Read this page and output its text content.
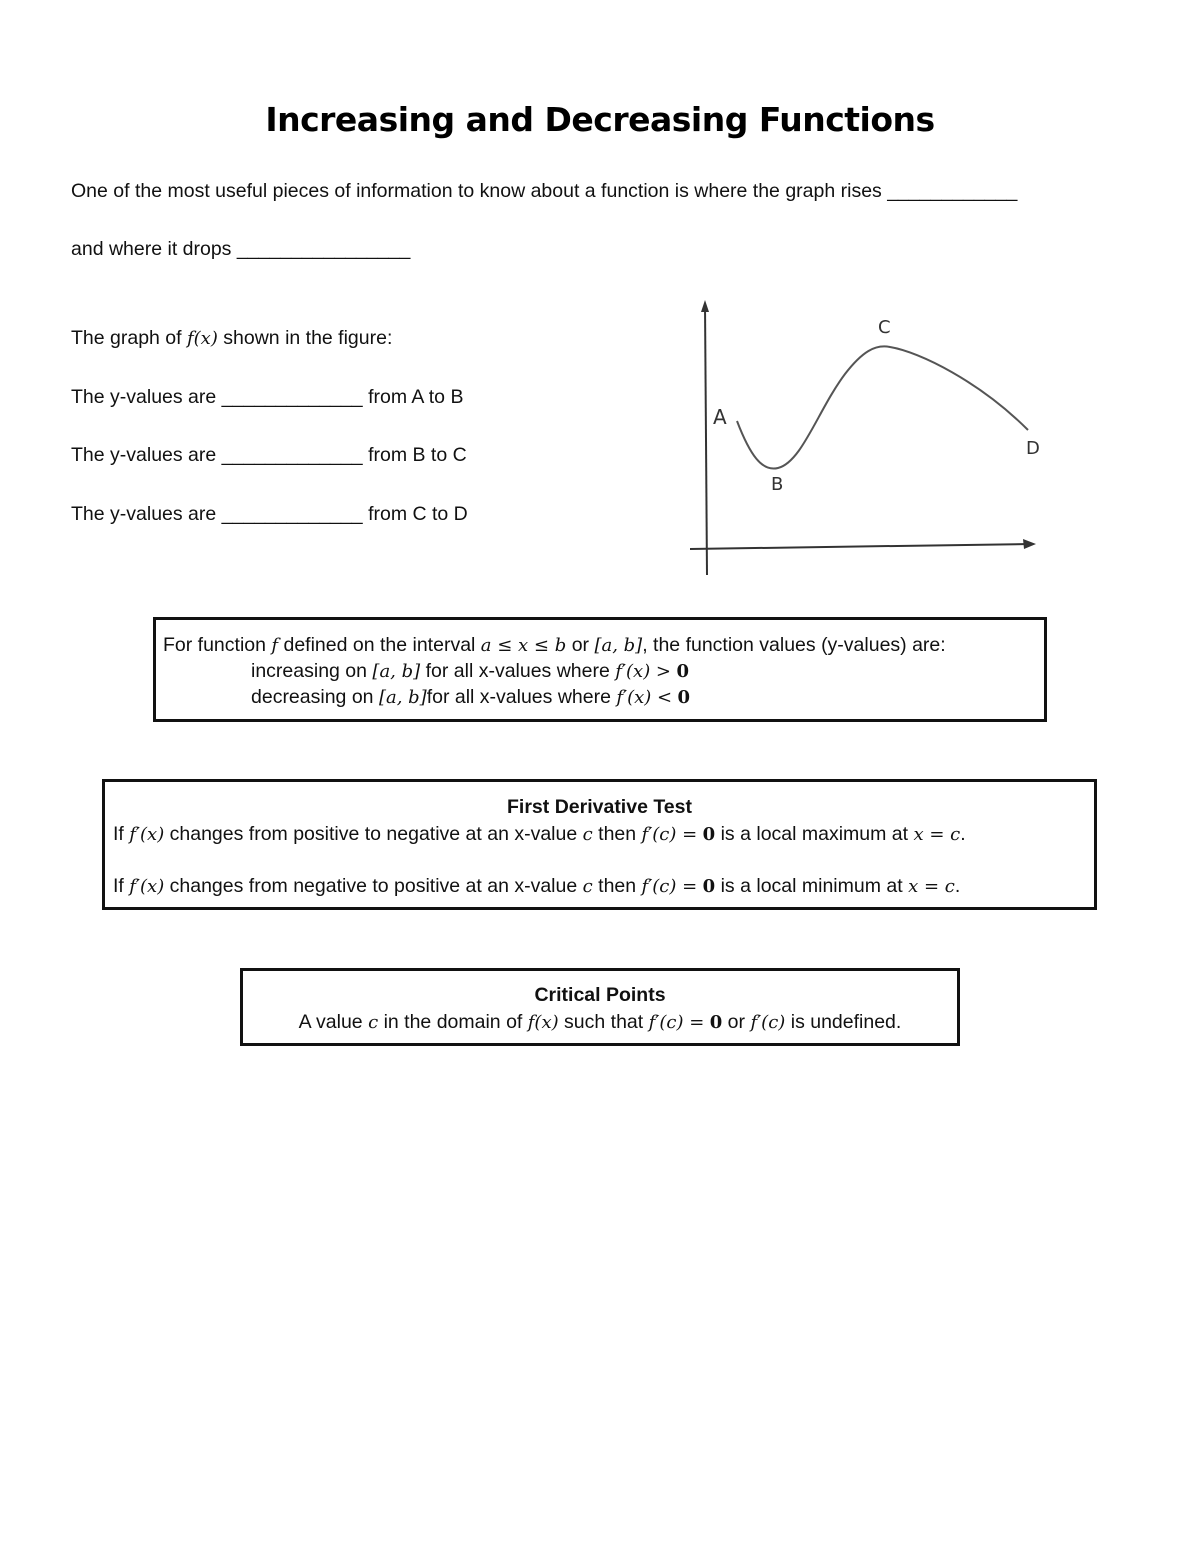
Increasing and Decreasing Functions
One of the most useful pieces of information to know about a function is where the graph rises ____________
and where it drops ________________
The graph of f(x) shown in the figure:
The y-values are _____________ from A to B
The y-values are _____________ from B to C
The y-values are _____________ from C to D
A
B
C
D
For function f defined on the interval a ≤ x ≤ b or [a, b], the function values (y-values) are:
increasing on [a, b] for all x-values where f′(x) > 0
decreasing on [a, b]for all x-values where f′(x) < 0
First Derivative Test
If f′(x) changes from positive to negative at an x-value c then f′(c) = 0 is a local maximum at x = c.
If f′(x) changes from negative to positive at an x-value c then f′(c) = 0 is a local minimum at x = c.
Critical Points
A value c in the domain of f(x) such that f′(c) = 0 or f′(c) is undefined.
